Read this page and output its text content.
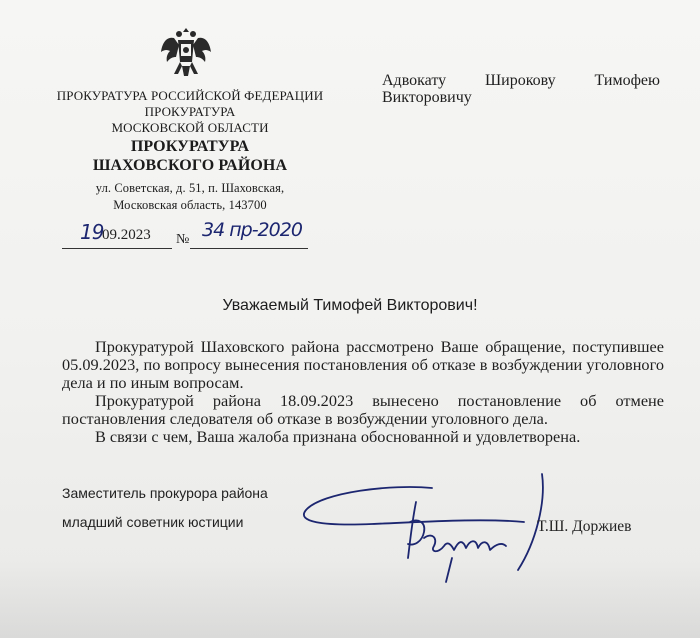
ПРОКУРАТУРА РОССИЙСКОЙ ФЕДЕРАЦИИ
ПРОКУРАТУРА
МОСКОВСКОЙ ОБЛАСТИ
ПРОКУРАТУРА
ШАХОВСКОГО РАЙОНА
ул. Советская, д. 51, п. Шаховская,
Московская область, 143700
Адвокату Широкову Тимофею
Викторовичу
19
09.2023 № 34 пр-2020
Уважаемый Тимофей Викторович!

Прокуратурой Шаховского района рассмотрено Ваше обращение, поступившее 05.09.2023, по вопросу вынесения постановления об отказе в возбуждении уголовного дела и по иным вопросам.

Прокуратурой района 18.09.2023 вынесено постановление об отмене постановления следователя об отказе в возбуждении уголовного дела.

В связи с чем, Ваша жалоба признана обоснованной и удовлетворена.

Заместитель прокурора района
младший советник юстиции	Т.Ш. Доржиев
